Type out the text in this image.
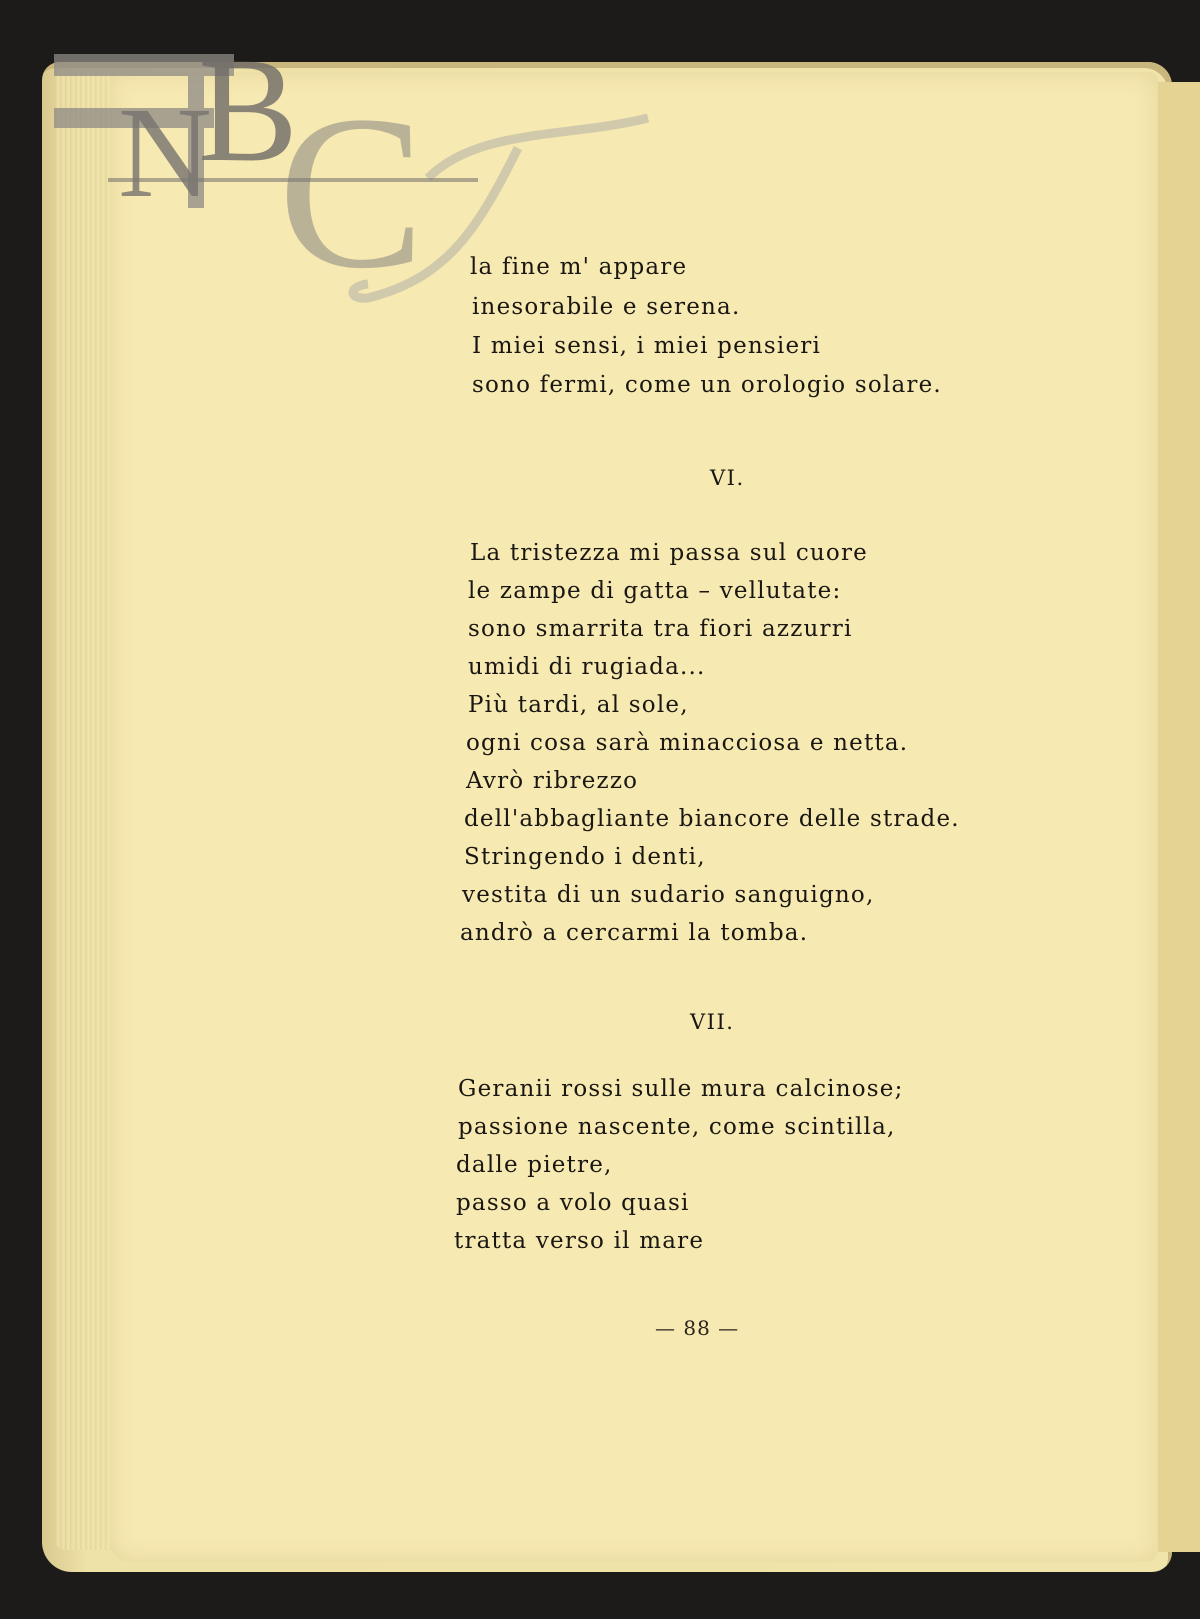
N
B
C la fine m' appare
inesorabile e serena.
I miei sensi, i miei pensieri
sono fermi, come un orologio solare.
VI.
La tristezza mi passa sul cuore
le zampe di gatta – vellutate:
sono smarrita tra fiori azzurri
umidi di rugiada...
Più tardi, al sole,
ogni cosa sarà minacciosa e netta.
Avrò ribrezzo
dell'abbagliante biancore delle strade.
Stringendo i denti,
vestita di un sudario sanguigno,
andrò a cercarmi la tomba.
VII.
Geranii rossi sulle mura calcinose;
passione nascente, come scintilla,
dalle pietre,
passo a volo quasi
tratta verso il mare
— 88 —
